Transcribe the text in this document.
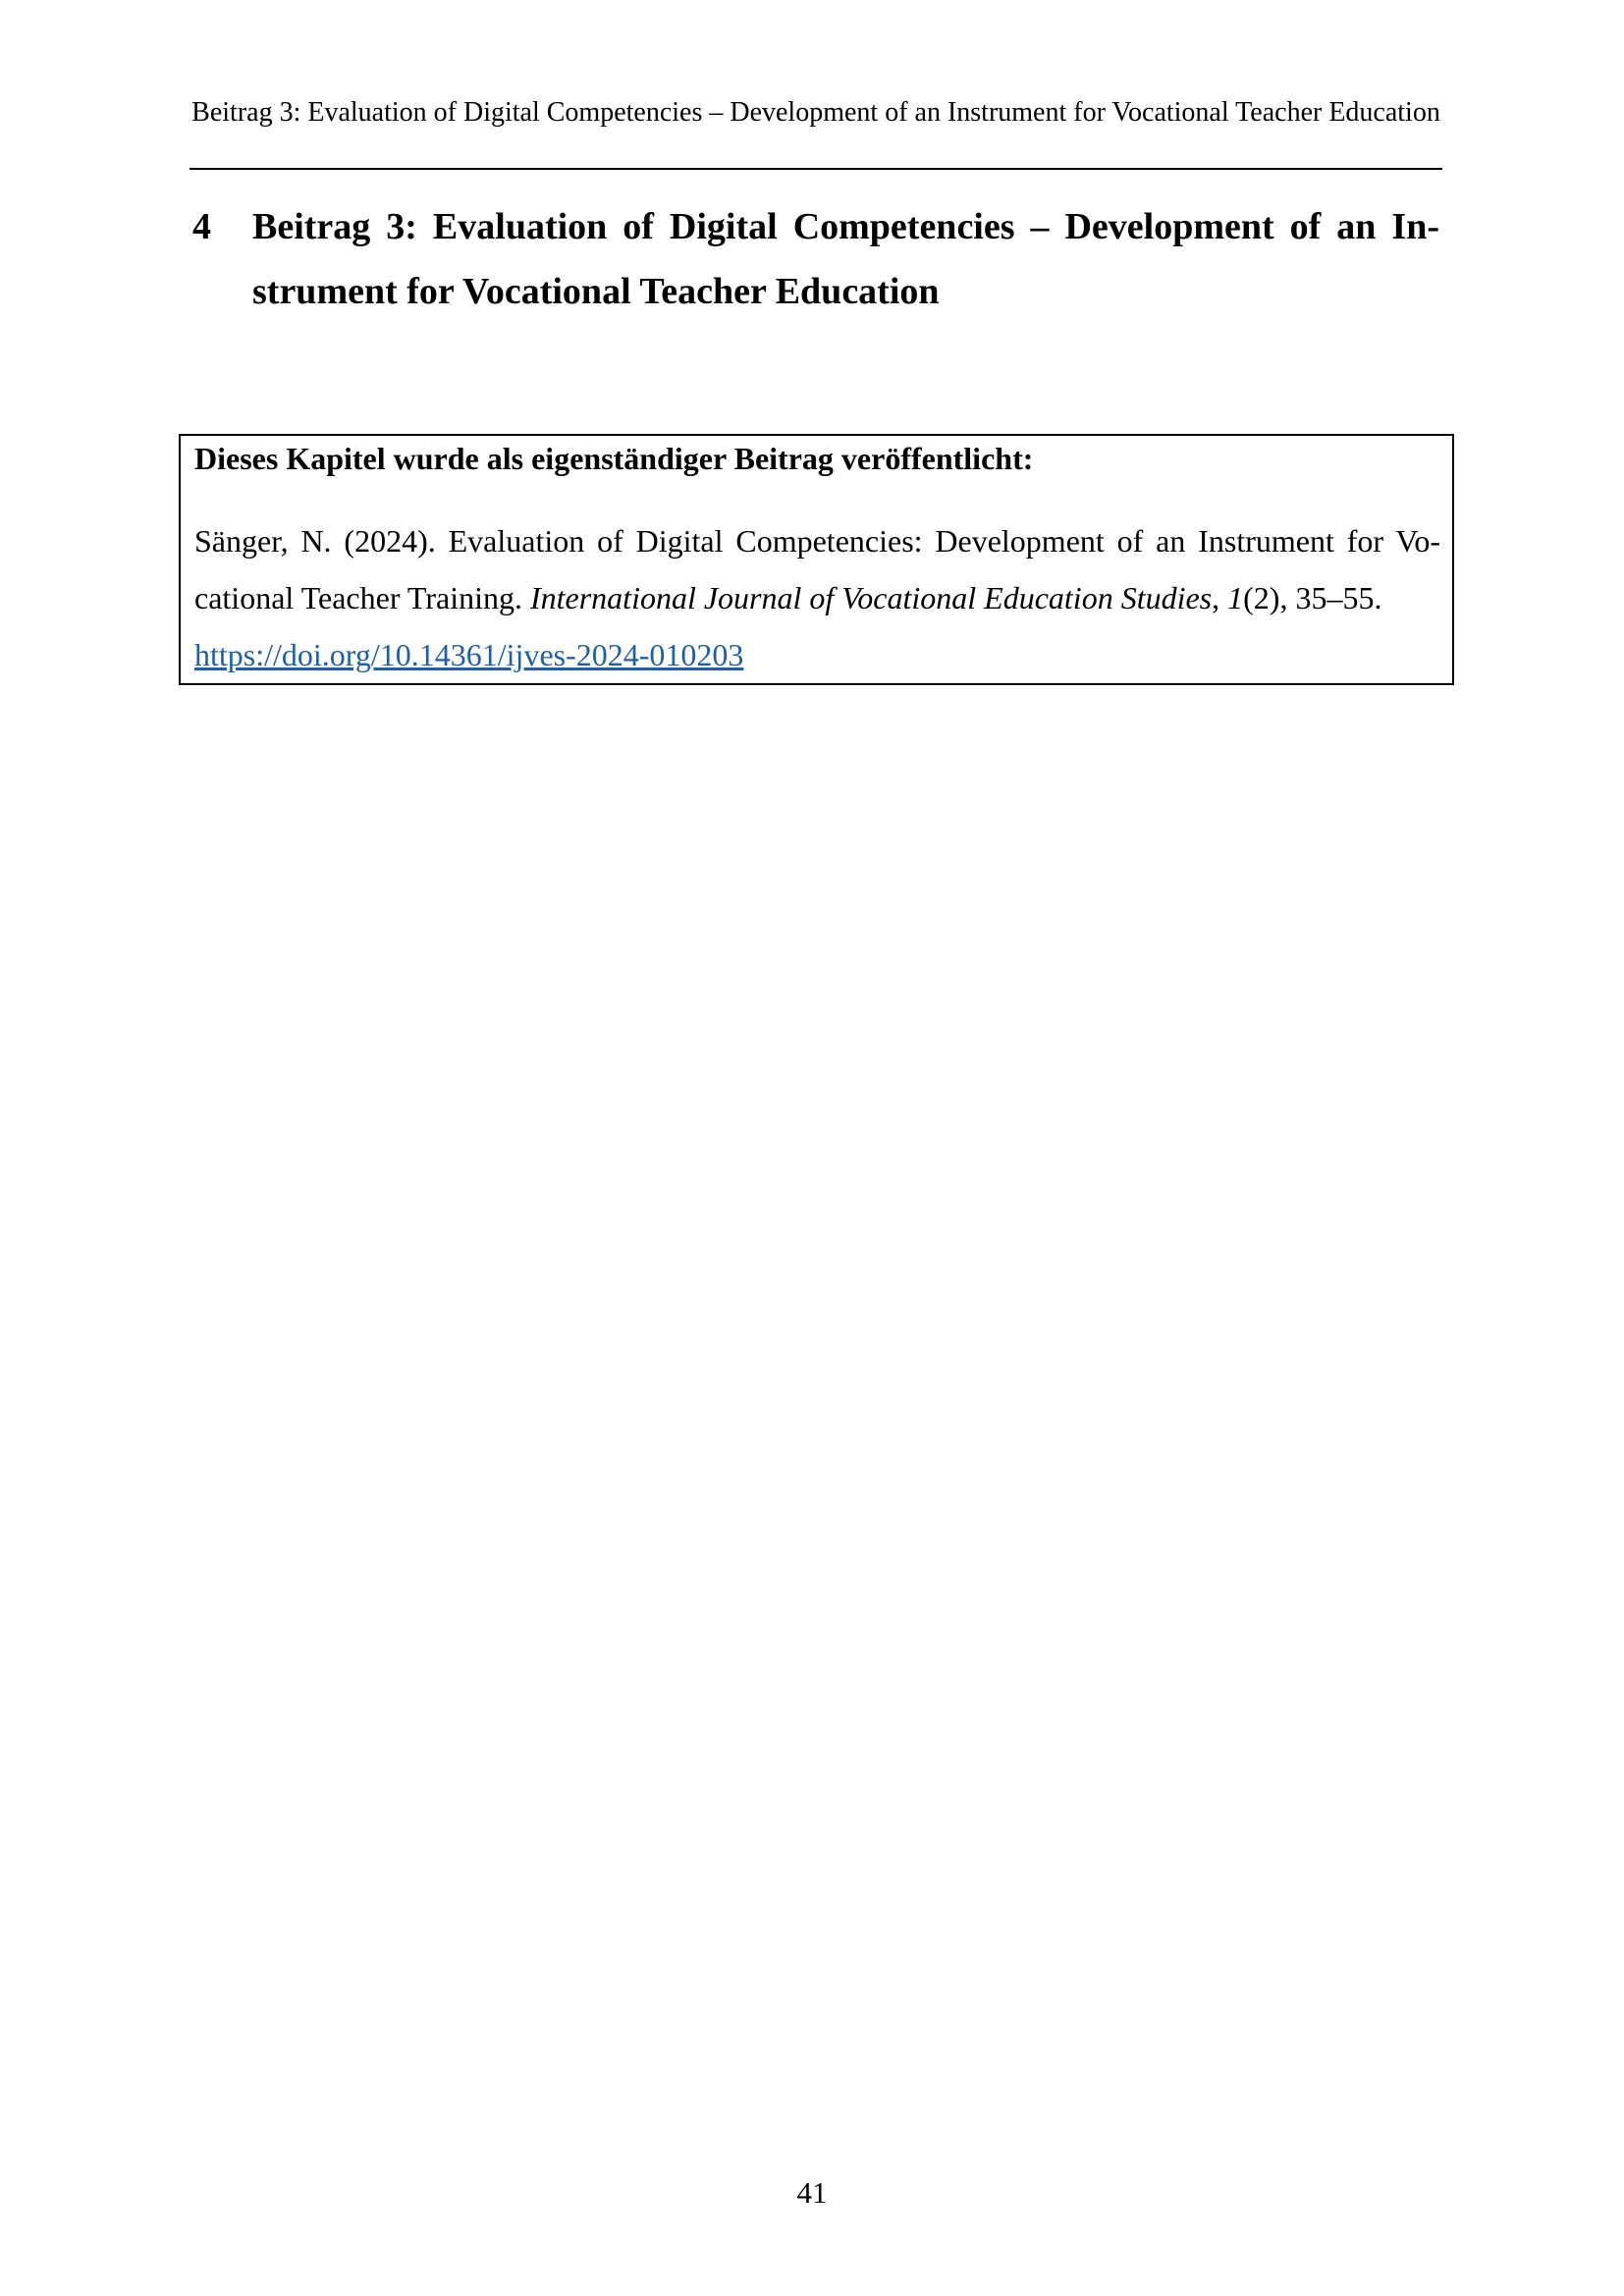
Beitrag 3: Evaluation of Digital Competencies – Development of an Instrument for Vocational Teacher Education
4 Beitrag 3: Evaluation of Digital Competencies – Development of an In-strument for Vocational Teacher Education
Dieses Kapitel wurde als eigenständiger Beitrag veröffentlicht:
Sänger, N. (2024). Evaluation of Digital Competencies: Development of an Instrument for Vo-cational Teacher Training. International Journal of Vocational Education Studies, 1(2), 35–55.
https://doi.org/10.14361/ijves-2024-010203
41
